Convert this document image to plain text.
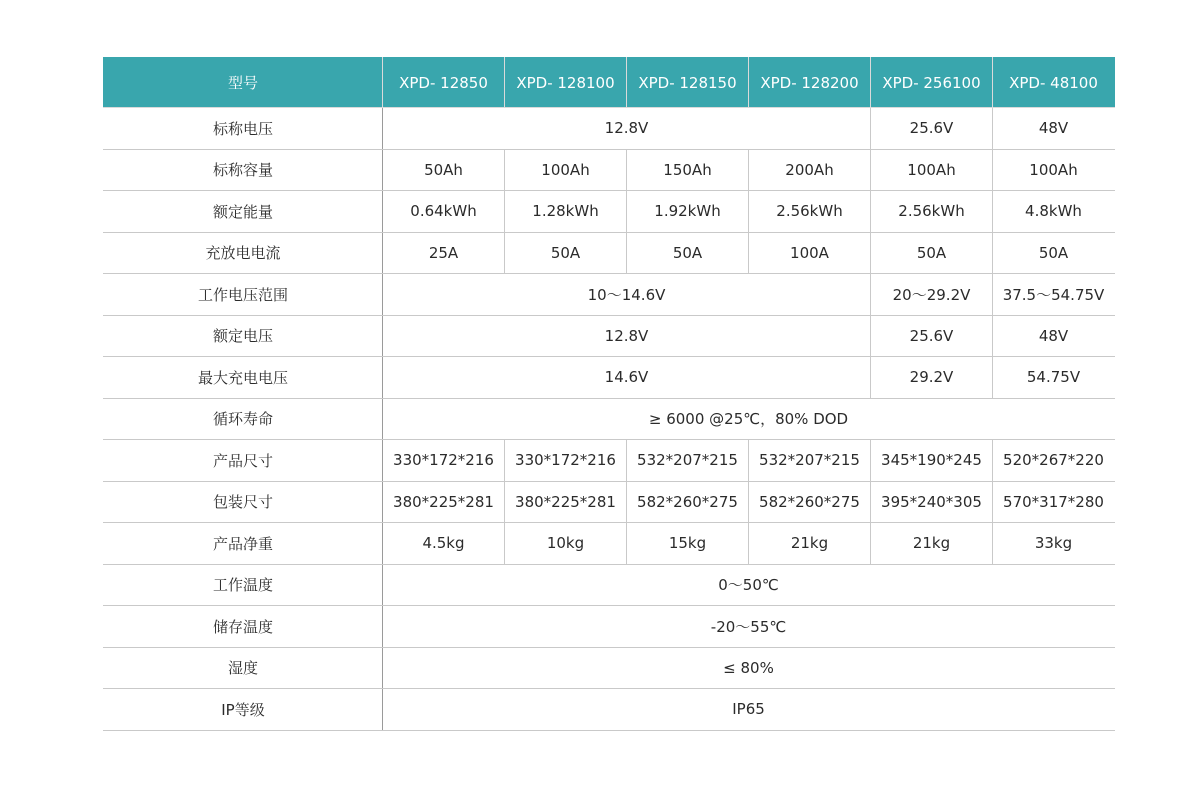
型号	XPD- 12850	XPD- 128100	XPD- 128150	XPD- 128200	XPD- 256100	XPD- 48100
标称电压	12.8V				25.6V	48V
标称容量	50Ah	100Ah	150Ah	200Ah	100Ah	100Ah
额定能量	0.64kWh	1.28kWh	1.92kWh	2.56kWh	2.56kWh	4.8kWh
充放电电流	25A	50A	50A	100A	50A	50A
工作电压范围	10～14.6V				20～29.2V	37.5～54.75V
额定电压	12.8V				25.6V	48V
最大充电电压	14.6V				29.2V	54.75V
循环寿命	≥ 6000 @25℃，80% DOD					
产品尺寸	330*172*216	330*172*216	532*207*215	532*207*215	345*190*245	520*267*220
包装尺寸	380*225*281	380*225*281	582*260*275	582*260*275	395*240*305	570*317*280
产品净重	4.5kg	10kg	15kg	21kg	21kg	33kg
工作温度	0～50℃					
储存温度	-20～55℃					
湿度	≤ 80%					
IP等级	IP65					
